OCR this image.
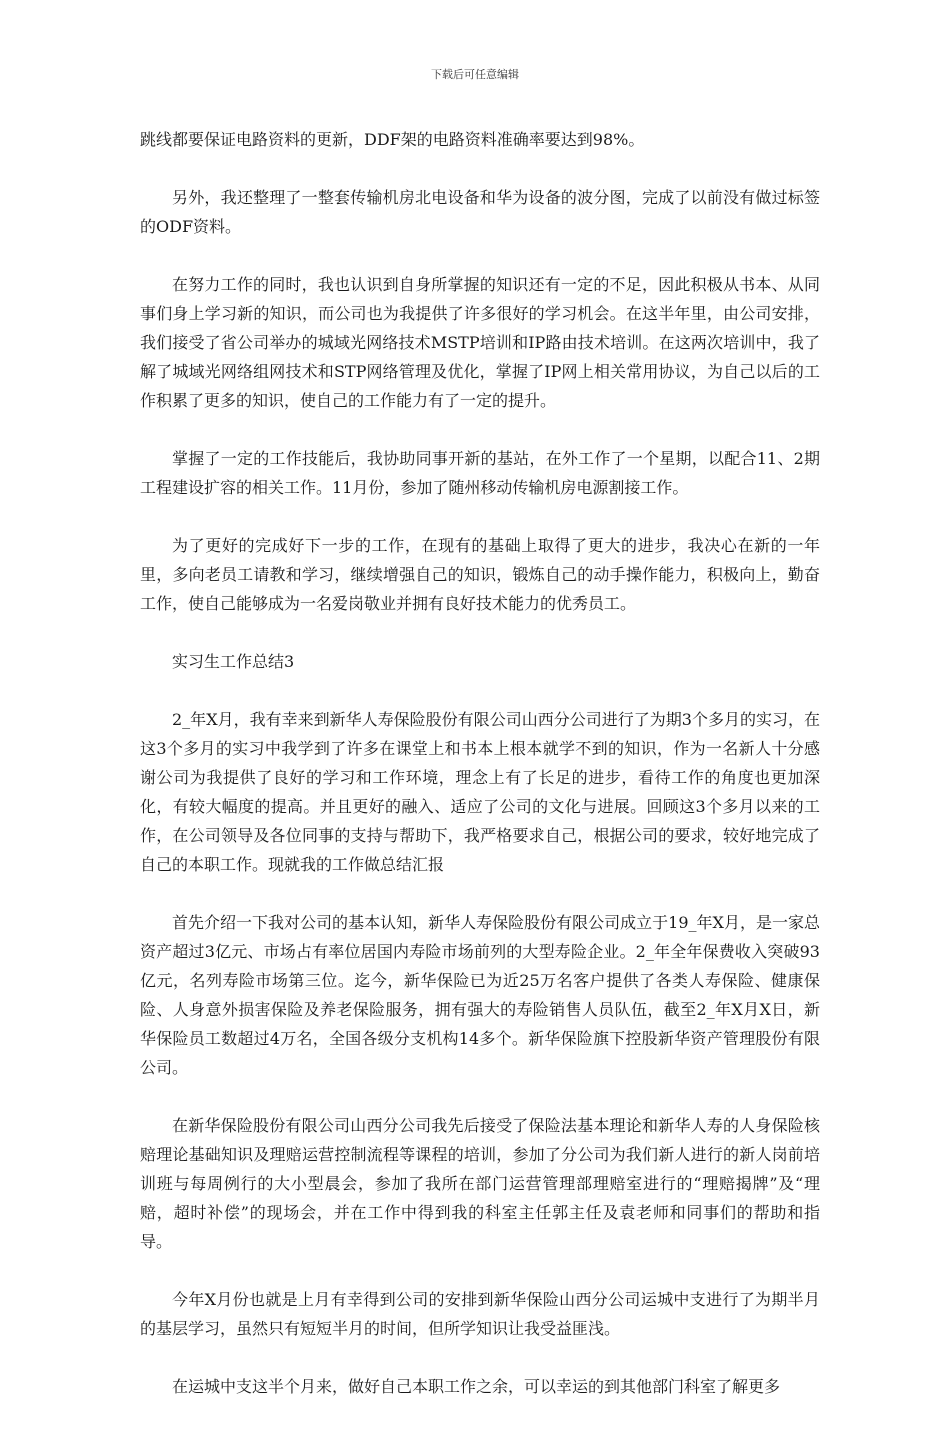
下载后可任意编辑

跳线都要保证电路资料的更新，DDF架的电路资料准确率要达到98%。

另外，我还整理了一整套传输机房北电设备和华为设备的波分图，完成了以前没有做过标签的ODF资料。

在努力工作的同时，我也认识到自身所掌握的知识还有一定的不足，因此积极从书本、从同事们身上学习新的知识，而公司也为我提供了许多很好的学习机会。在这半年里，由公司安排，我们接受了省公司举办的城域光网络技术MSTP培训和IP路由技术培训。在这两次培训中，我了解了城域光网络组网技术和STP网络管理及优化，掌握了IP网上相关常用协议，为自己以后的工作积累了更多的知识，使自己的工作能力有了一定的提升。

掌握了一定的工作技能后，我协助同事开新的基站，在外工作了一个星期，以配合11、2期工程建设扩容的相关工作。11月份，参加了随州移动传输机房电源割接工作。

为了更好的完成好下一步的工作，在现有的基础上取得了更大的进步，我决心在新的一年里，多向老员工请教和学习，继续增强自己的知识，锻炼自己的动手操作能力，积极向上，勤奋工作，使自己能够成为一名爱岗敬业并拥有良好技术能力的优秀员工。

实习生工作总结3

2_年X月，我有幸来到新华人寿保险股份有限公司山西分公司进行了为期3个多月的实习，在这3个多月的实习中我学到了许多在课堂上和书本上根本就学不到的知识，作为一名新人十分感谢公司为我提供了良好的学习和工作环境，理念上有了长足的进步，看待工作的角度也更加深化，有较大幅度的提高。并且更好的融入、适应了公司的文化与进展。回顾这3个多月以来的工作，在公司领导及各位同事的支持与帮助下，我严格要求自己，根据公司的要求，较好地完成了自己的本职工作。现就我的工作做总结汇报

首先介绍一下我对公司的基本认知，新华人寿保险股份有限公司成立于19_年X月，是一家总资产超过3亿元、市场占有率位居国内寿险市场前列的大型寿险企业。2_年全年保费收入突破93亿元，名列寿险市场第三位。迄今，新华保险已为近25万名客户提供了各类人寿保险、健康保险、人身意外损害保险及养老保险服务，拥有强大的寿险销售人员队伍，截至2_年X月X日，新华保险员工数超过4万名，全国各级分支机构14多个。新华保险旗下控股新华资产管理股份有限公司。

在新华保险股份有限公司山西分公司我先后接受了保险法基本理论和新华人寿的人身保险核赔理论基础知识及理赔运营控制流程等课程的培训，参加了分公司为我们新人进行的新人岗前培训班与每周例行的大小型晨会，参加了我所在部门运营管理部理赔室进行的“理赔揭牌”及“理赔，超时补偿”的现场会，并在工作中得到我的科室主任郭主任及袁老师和同事们的帮助和指导。

今年X月份也就是上月有幸得到公司的安排到新华保险山西分公司运城中支进行了为期半月的基层学习，虽然只有短短半月的时间，但所学知识让我受益匪浅。

在运城中支这半个月来，做好自己本职工作之余，可以幸运的到其他部门科室了解更多
